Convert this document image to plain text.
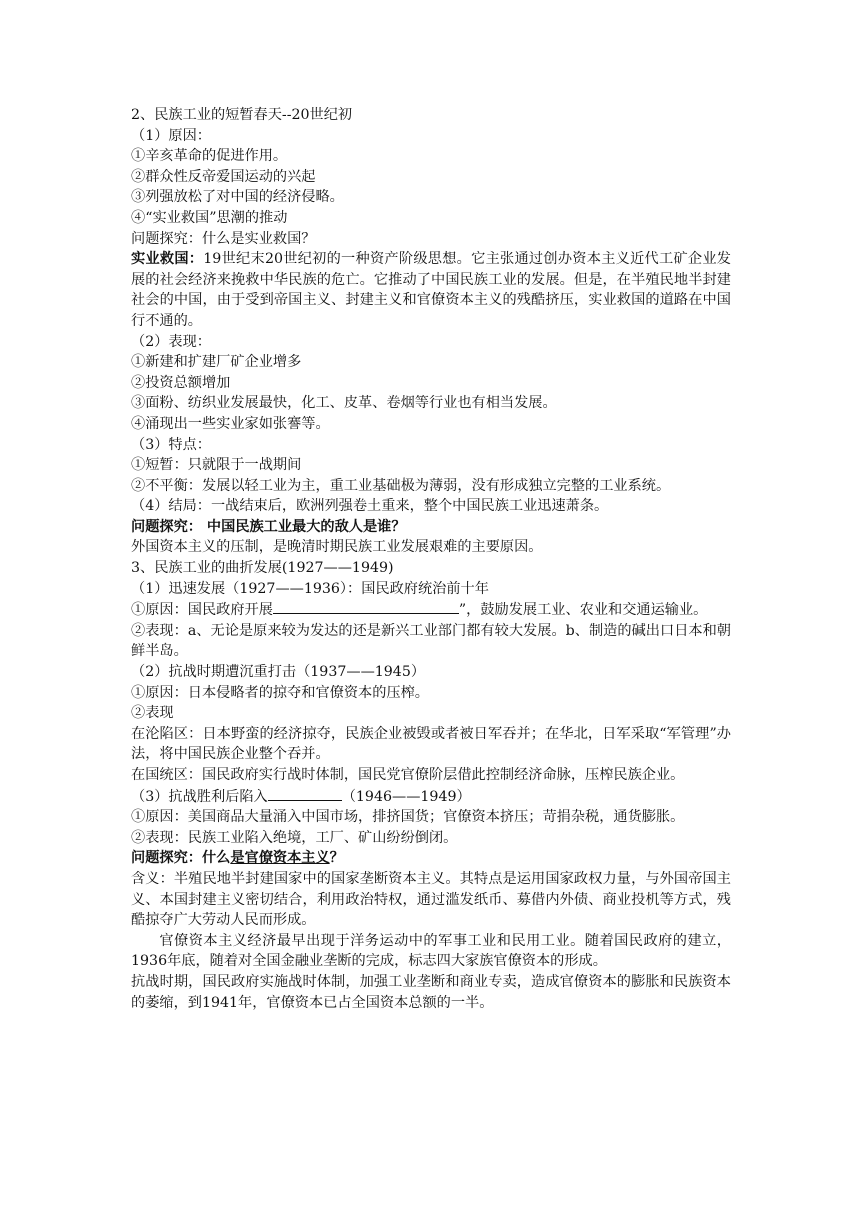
2、民族工业的短暂春天--20世纪初
（1）原因：
①辛亥革命的促进作用。
②群众性反帝爱国运动的兴起
③列强放松了对中国的经济侵略。
④“实业救国”思潮的推动
问题探究：什么是实业救国？
实业救国：19世纪末20世纪初的一种资产阶级思想。它主张通过创办资本主义近代工矿企业发展的社会经济来挽救中华民族的危亡。它推动了中国民族工业的发展。但是，在半殖民地半封建社会的中国，由于受到帝国主义、封建主义和官僚资本主义的残酷挤压，实业救国的道路在中国行不通的。
（2）表现：
①新建和扩建厂矿企业增多
②投资总额增加
③面粉、纺织业发展最快，化工、皮革、卷烟等行业也有相当发展。
④涌现出一些实业家如张謇等。
（3）特点：
①短暂：只就限于一战期间
②不平衡：发展以轻工业为主，重工业基础极为薄弱，没有形成独立完整的工业系统。
（4）结局：一战结束后，欧洲列强卷土重来，整个中国民族工业迅速萧条。
问题探究： 中国民族工业最大的敌人是谁？
外国资本主义的压制，是晚清时期民族工业发展艰难的主要原因。
3、民族工业的曲折发展(1927——1949)
（1）迅速发展（1927——1936）：国民政府统治前十年
①原因：国民政府开展	”，鼓励发展工业、农业和交通运输业。
②表现：a、无论是原来较为发达的还是新兴工业部门都有较大发展。b、制造的碱出口日本和朝鲜半岛。
（2）抗战时期遭沉重打击（1937——1945）
①原因：日本侵略者的掠夺和官僚资本的压榨。
②表现
在沦陷区：日本野蛮的经济掠夺，民族企业被毁或者被日军吞并；在华北，日军采取“军管理”办法，将中国民族企业整个吞并。
在国统区：国民政府实行战时体制，国民党官僚阶层借此控制经济命脉，压榨民族企业。
（3）抗战胜利后陷入	（1946——1949）
①原因：美国商品大量涌入中国市场，排挤国货；官僚资本挤压；苛捐杂税，通货膨胀。
②表现：民族工业陷入绝境，工厂、矿山纷纷倒闭。
问题探究：什么是官僚资本主义？
含义：半殖民地半封建国家中的国家垄断资本主义。其特点是运用国家政权力量，与外国帝国主义、本国封建主义密切结合，利用政治特权，通过滥发纸币、募借内外债、商业投机等方式，残酷掠夺广大劳动人民而形成。
官僚资本主义经济最早出现于洋务运动中的军事工业和民用工业。随着国民政府的建立，1936年底，随着对全国金融业垄断的完成，标志四大家族官僚资本的形成。
抗战时期，国民政府实施战时体制，加强工业垄断和商业专卖，造成官僚资本的膨胀和民族资本的萎缩，到1941年，官僚资本已占全国资本总额的一半。
